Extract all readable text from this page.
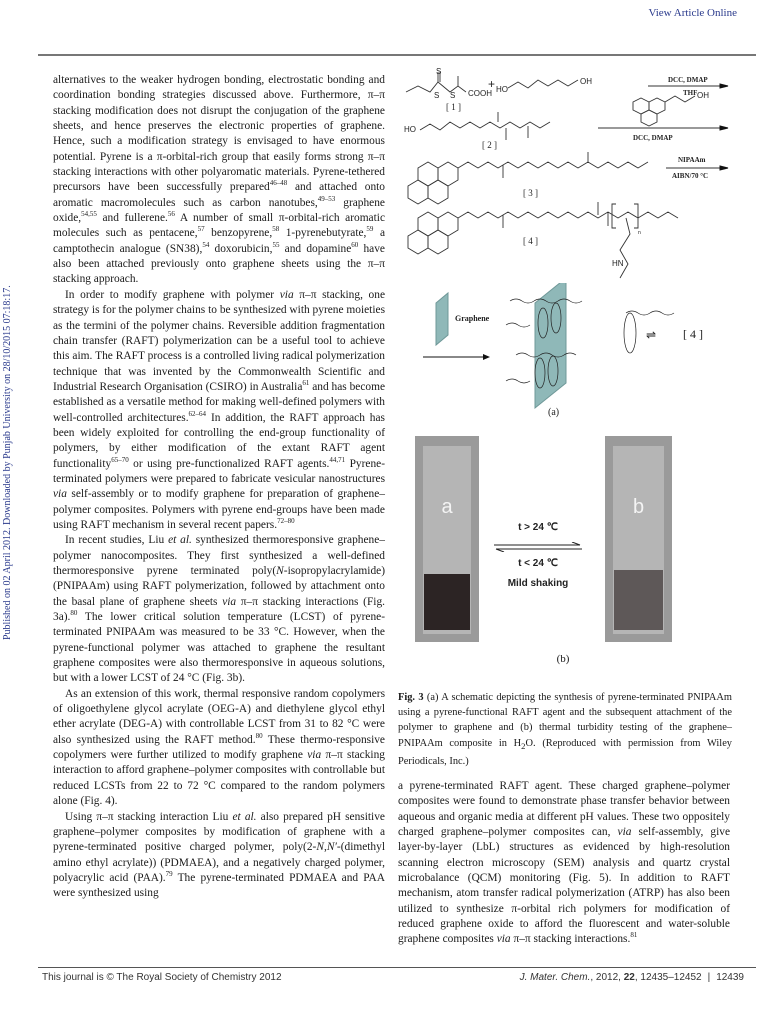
View Article Online
Published on 02 April 2012. Downloaded by Punjab University on 28/10/2015 07:18:17.

alternatives to the weaker hydrogen bonding, electrostatic bonding and coordination bonding strategies discussed above. Furthermore, π–π stacking modification does not disrupt the conjugation of the graphene sheets, and hence preserves the electronic properties of graphene. Hence, such a modification strategy is envisaged to have enormous potential. Pyrene is a π-orbital-rich group that easily forms strong π–π stacking interactions with other polyaromatic materials. Pyrene-tethered precursors have been successfully prepared$^{46-48}$ and attached onto aromatic macromolecules such as carbon nanotubes,$^{49-53}$ graphene oxide,$^{54,55}$ and fullerene.$^{56}$ A number of small π-orbital-rich aromatic molecules such as pentacene,$^{57}$ benzopyrene,$^{58}$ 1-pyrenebutyrate,$^{59}$ a camptothecin analogue (SN38),$^{54}$ doxorubicin,$^{55}$ and dopamine$^{60}$ have also been attached previously onto graphene sheets using the π–π stacking approach.

In order to modify graphene with polymer via π–π stacking, one strategy is for the polymer chains to be synthesized with pyrene moieties as the termini of the polymer chains. Reversible addition fragmentation chain transfer (RAFT) polymerization can be a useful tool to achieve this aim. The RAFT process is a controlled living radical polymerization technique that was invented by the Commonwealth Scientific and Industrial Research Organisation (CSIRO) in Australia$^{61}$ and has become established as a versatile method for making well-defined polymers with well-controlled architectures.$^{62-64}$ In addition, the RAFT approach has been widely exploited for controlling the end-group functionality of polymers, by either modification of the extant RAFT agent functionality$^{65-70}$ or using pre-functionalized RAFT agents.$^{44,71}$ Pyrene-terminated polymers were prepared to fabricate vesicular nanostructures via self-assembly or to modify graphene for preparation of graphene–polymer composites. Polymers with pyrene end-groups have been made using RAFT mechanism in several recent papers.$^{72-80}$

In recent studies, Liu et al. synthesized thermoresponsive graphene–polymer nanocomposites. They first synthesized a well-defined thermoresponsive pyrene terminated poly(N-isopropylacrylamide) (PNIPAAm) using RAFT polymerization, followed by attachment onto the basal plane of graphene sheets via π–π stacking interactions (Fig. 3a).$^{80}$ The lower critical solution temperature (LCST) of pyrene-terminated PNIPAAm was measured to be 33 °C. However, when the pyrene-functional polymer was attached to graphene the resultant graphene composites were also thermoresponsive in aqueous solutions, but with a lower LCST of 24 °C (Fig. 3b).

As an extension of this work, thermal responsive random copolymers of oligoethylene glycol acrylate (OEG-A) and diethylene glycol ethyl ether acrylate (DEG-A) with controllable LCST from 31 to 82 °C were also synthesized using the RAFT method.$^{80}$ These thermo-responsive copolymers were further utilized to modify graphene via π–π stacking interaction to afford graphene–polymer composites with controllable but reduced LCSTs from 22 to 72 °C compared to the random polymers alone (Fig. 4).

Using π–π stacking interaction Liu et al. also prepared pH sensitive graphene–polymer composites by modification of graphene with a pyrene-terminated positive charged polymer, poly(2-N,N′-(dimethyl amino ethyl acrylate)) (PDMAEA), and a negatively charged polymer, polyacrylic acid (PAA).$^{79}$ The pyrene-terminated PDMAEA and PAA were synthesized using

S S
S
COOH
[ 1 ]
+ HO
OH	DCC, DMAP
THF
HO
[ 2 ]
OH
DCC, DMAP
[ 3 ]
NIPAAm
AIBN/70 °C
[ 4 ]
n
HN
Graphene
⇌ [ 4 ]
(a)
a
t > 24 ℃
t < 24 ℃
Mild shaking
b
(b)
Fig. 3 (a) A schematic depicting the synthesis of pyrene-terminated PNIPAAm using a pyrene-functional RAFT agent and the subsequent attachment of the polymer to graphene and (b) thermal turbidity testing of the graphene–PNIPAAm composite in $H_2O$. (Reproduced with permission from Wiley Periodicals, Inc.)

a pyrene-terminated RAFT agent. These charged graphene–polymer composites were found to demonstrate phase transfer behavior between aqueous and organic media at different pH values. These two oppositely charged graphene–polymer composites can, via self-assembly, give layer-by-layer (LbL) structures as evidenced by high-resolution scanning electron microscopy (SEM) analysis and quartz crystal microbalance (QCM) monitoring (Fig. 5). In addition to RAFT mechanism, atom transfer radical polymerization (ATRP) has also been utilized to synthesize π-orbital rich polymers for modification of reduced graphene oxide to afford the fluorescent and water-soluble graphene composites via π–π stacking interactions.$^{81}$

This journal is © The Royal Society of Chemistry 2012	J. Mater. Chem., 2012, 22, 12435–12452 | 12439
